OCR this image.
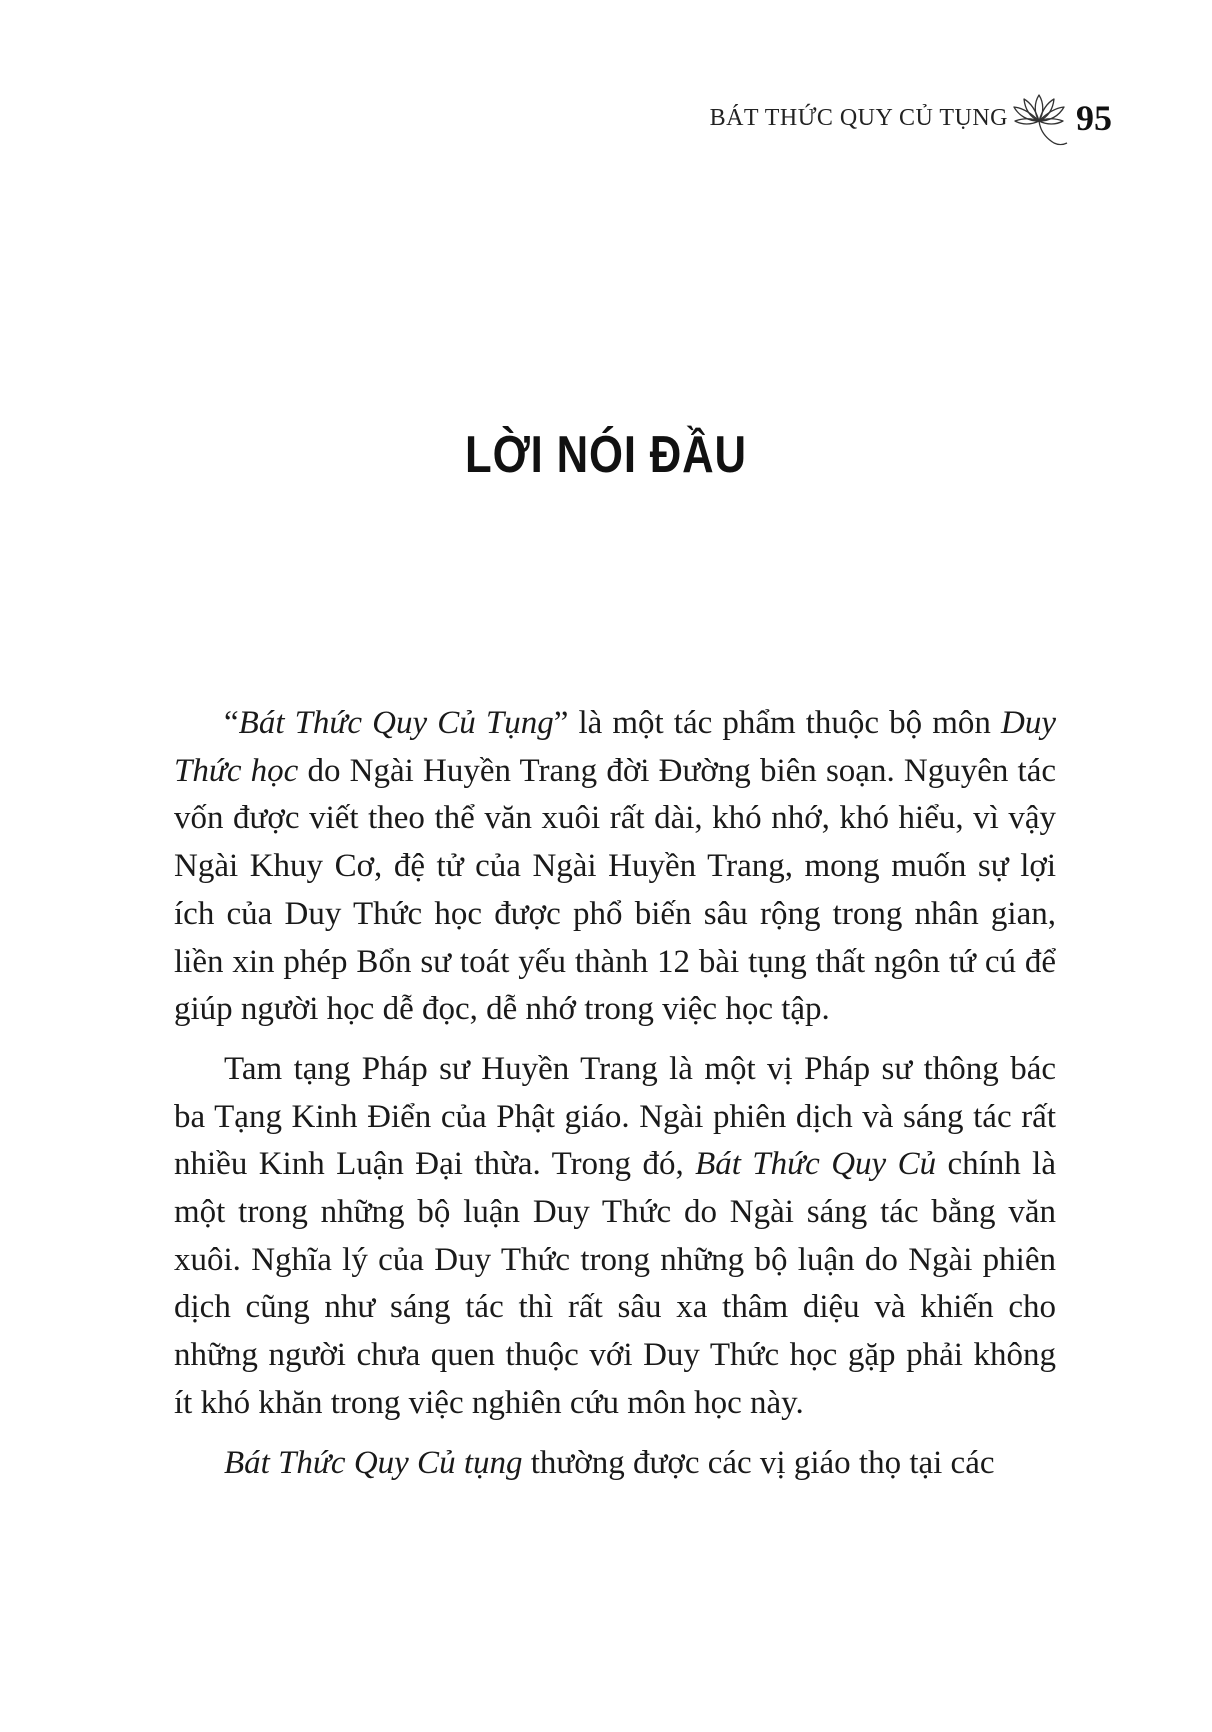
BÁT THỨC QUY CỦ TỤNG 95
LỜI NÓI ĐẦU

“Bát Thức Quy Củ Tụng” là một tác phẩm thuộc bộ môn Duy Thức học do Ngài Huyền Trang đời Đường biên soạn. Nguyên tác vốn được viết theo thể văn xuôi rất dài, khó nhớ, khó hiểu, vì vậy Ngài Khuy Cơ, đệ tử của Ngài Huyền Trang, mong muốn sự lợi ích của Duy Thức học được phổ biến sâu rộng trong nhân gian, liền xin phép Bổn sư toát yếu thành 12 bài tụng thất ngôn tứ cú để giúp người học dễ đọc, dễ nhớ trong việc học tập.

Tam tạng Pháp sư Huyền Trang là một vị Pháp sư thông bác ba Tạng Kinh Điển của Phật giáo. Ngài phiên dịch và sáng tác rất nhiều Kinh Luận Đại thừa. Trong đó, Bát Thức Quy Củ chính là một trong những bộ luận Duy Thức do Ngài sáng tác bằng văn xuôi. Nghĩa lý của Duy Thức trong những bộ luận do Ngài phiên dịch cũng như sáng tác thì rất sâu xa thâm diệu và khiến cho những người chưa quen thuộc với Duy Thức học gặp phải không ít khó khăn trong việc nghiên cứu môn học này.

Bát Thức Quy Củ tụng thường được các vị giáo thọ tại các
